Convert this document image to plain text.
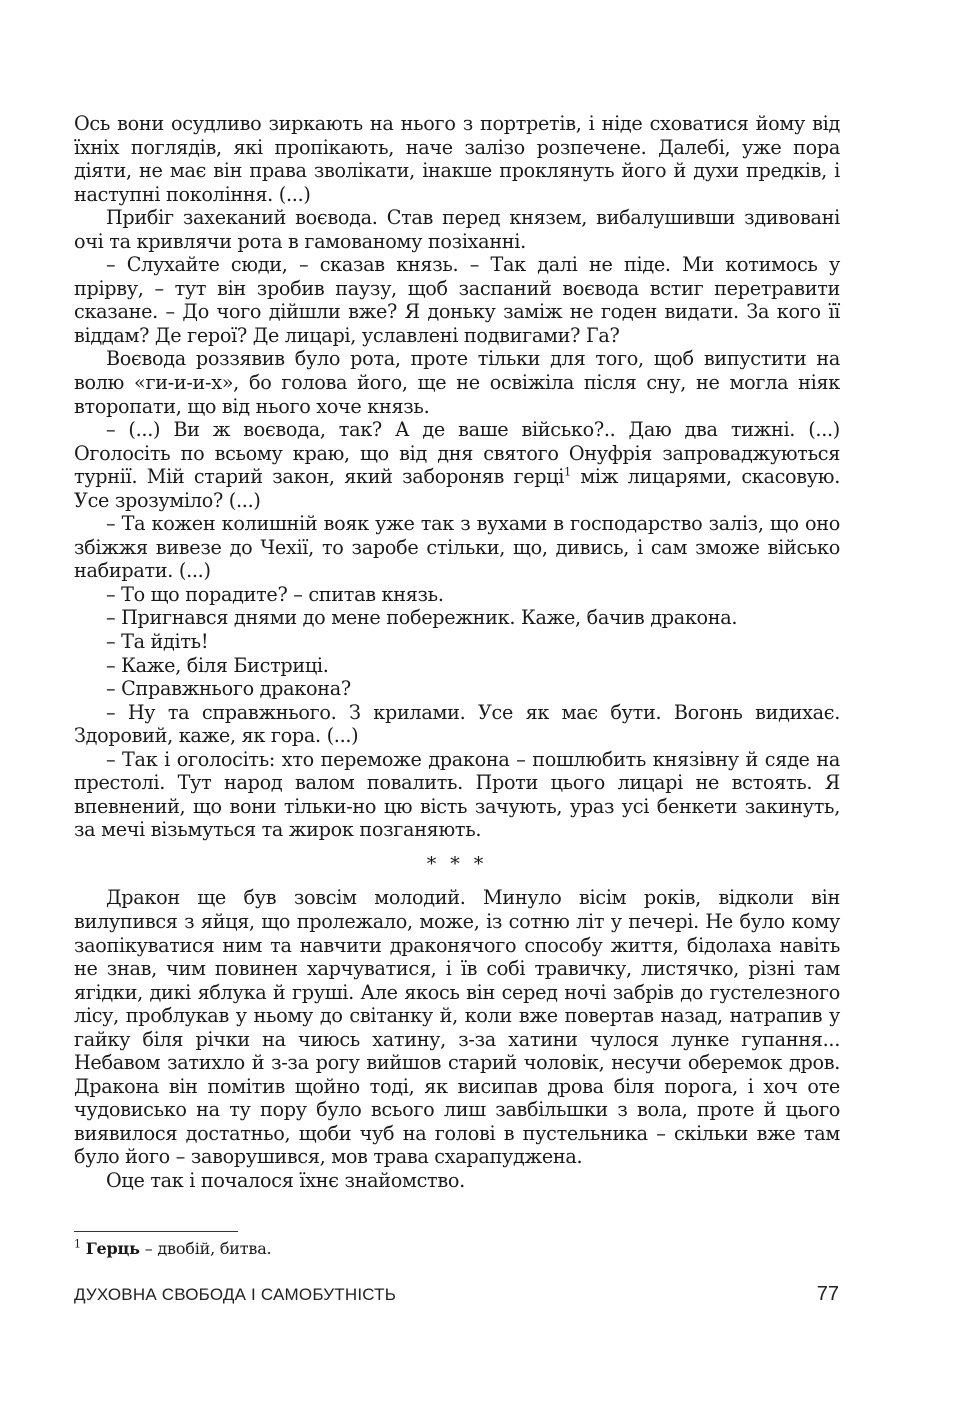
Ось вони осудливо зиркають на нього з портретів, і ніде сховатися йому від їхніх поглядів, які пропікають, наче залізо розпечене. Далебі, уже пора діяти, не має він права зволікати, інакше проклянуть його й духи предків, і наступні покоління. (...)

Прибіг захеканий воєвода. Став перед князем, вибалушивши здивовані очі та кривлячи рота в гамованому позіханні.

– Слухайте сюди, – сказав князь. – Так далі не піде. Ми котимось у прірву, – тут він зробив паузу, щоб заспаний воєвода встиг перетравити сказане. – До чого дійшли вже? Я доньку заміж не годен видати. За кого її віддам? Де герої? Де лицарі, уславлені подвигами? Га?

Воєвода роззявив було рота, проте тільки для того, щоб випустити на волю «ги-и-и-х», бо голова його, ще не освіжіла після сну, не могла ніяк второпати, що від нього хоче князь.

– (...) Ви ж воєвода, так? А де ваше військо?.. Даю два тижні. (...) Оголосіть по всьому краю, що від дня святого Онуфрія запроваджуються турнії. Мій старий закон, який забороняв герці$^1$ між лицарями, скасовую. Усе зрозуміло? (...)

– Та кожен колишній вояк уже так з вухами в господарство заліз, що оно збіжжя вивезе до Чехії, то заробе стільки, що, дивись, і сам зможе військо набирати. (...)

– То що порадите? – спитав князь.

– Пригнався днями до мене побережник. Каже, бачив дракона.

– Та йдіть!

– Каже, біля Бистриці.

– Справжнього дракона?

– Ну та справжнього. З крилами. Усе як має бути. Вогонь видихає. Здоровий, каже, як гора. (...)

– Так і оголосіть: хто переможе дракона – пошлюбить князівну й сяде на престолі. Тут народ валом повалить. Проти цього лицарі не встоять. Я впевнений, що вони тільки-но цю вість зачують, ураз усі бенкети закинуть, за мечі візьмуться та жирок позганяють.

* * *

Дракон ще був зовсім молодий. Минуло вісім років, відколи він вилупився з яйця, що пролежало, може, із сотню літ у печері. Не було кому заопікуватися ним та навчити драконячого способу життя, бідолаха навіть не знав, чим повинен харчуватися, і їв собі травичку, листячко, різні там ягідки, дикі яблука й груші. Але якось він серед ночі забрів до густелезного лісу, проблукав у ньому до світанку й, коли вже повертав назад, натрапив у гайку біля річки на чиюсь хатину, з-за хатини чулося лунке гупання... Небавом затихло й з-за рогу вийшов старий чоловік, несучи оберемок дров. Дракона він помітив щойно тоді, як висипав дрова біля порога, і хоч оте чудовисько на ту пору було всього лиш завбільшки з вола, проте й цього виявилося достатньо, щоби чуб на голові в пустельника – скільки вже там було його – заворушився, мов трава схарапуджена.

Оце так і почалося їхнє знайомство.

$^1$ Герць – двобій, битва.
ДУХОВНА СВОБОДА І САМОБУТНІСТЬ	77
